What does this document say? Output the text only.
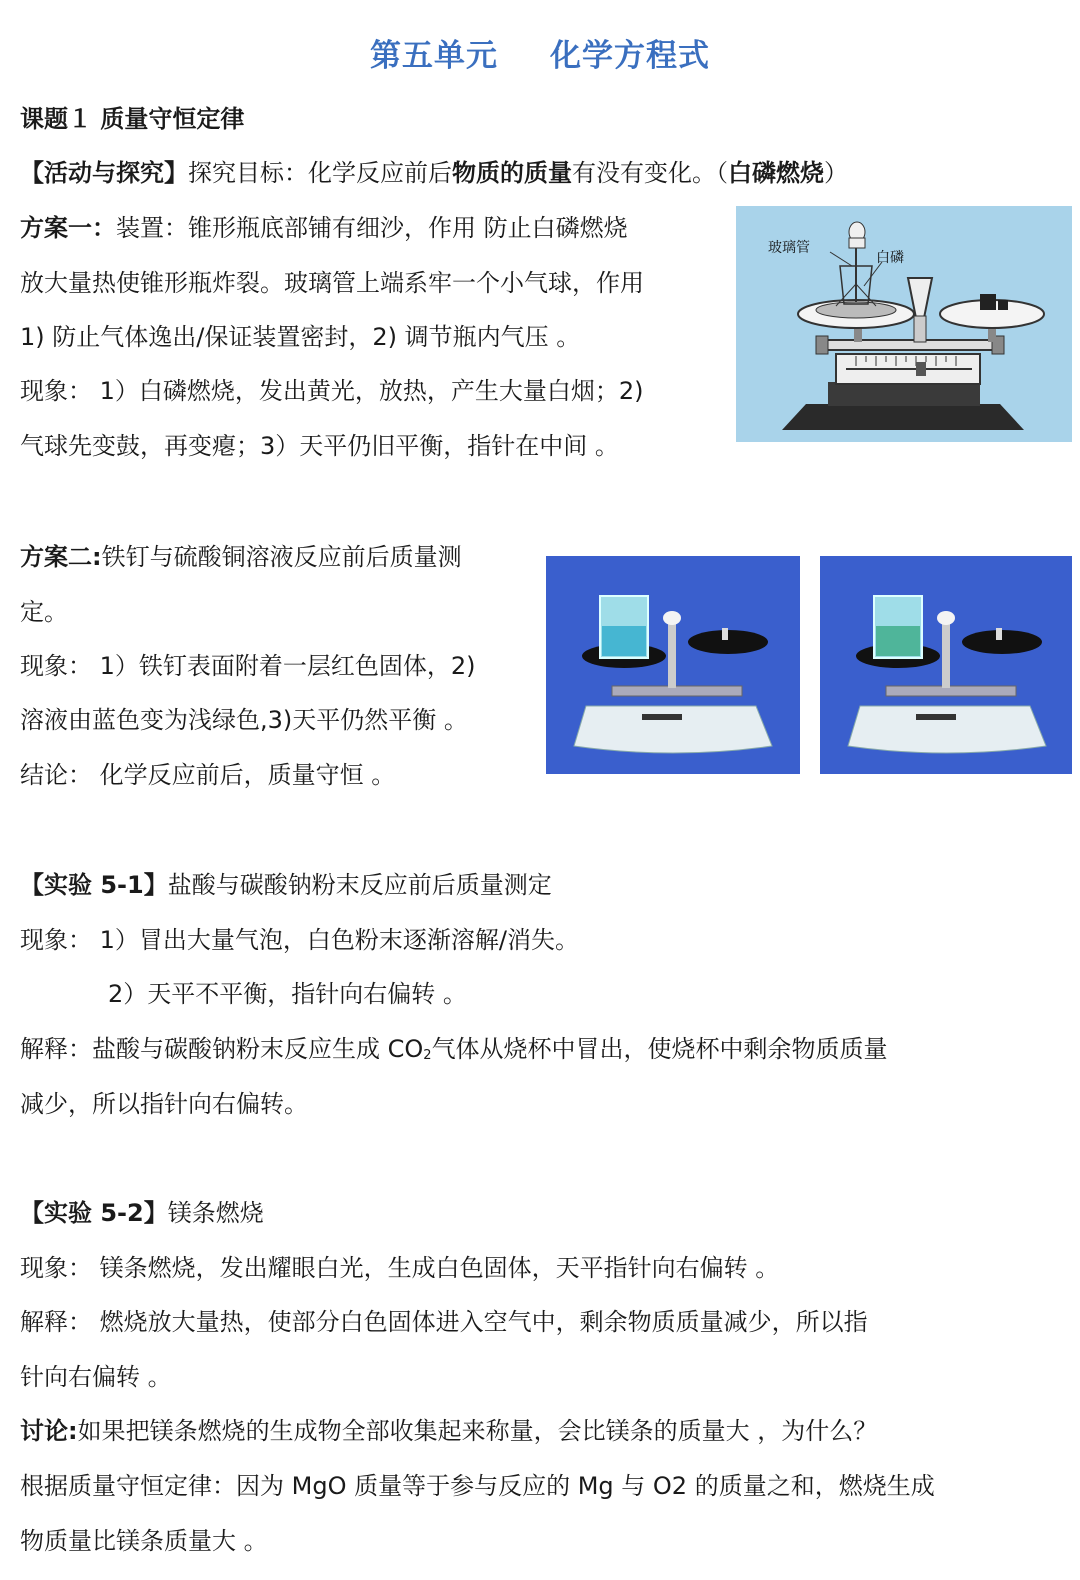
第五单元 化学方程式
课题１ 质量守恒定律
【活动与探究】探究目标：化学反应前后物质的质量有没有变化。（白磷燃烧）
方案一：装置：锥形瓶底部铺有细沙，作用 防止白磷燃烧
放大量热使锥形瓶炸裂。玻璃管上端系牢一个小气球，作用
1) 防止气体逸出/保证装置密封，2) 调节瓶内气压 。
现象： 1）白磷燃烧，发出黄光，放热，产生大量白烟；2)
气球先变鼓，再变瘪；3）天平仍旧平衡，指针在中间 。
玻璃管
白磷
方案二:铁钉与硫酸铜溶液反应前后质量测
定。
现象： 1）铁钉表面附着一层红色固体，2)
溶液由蓝色变为浅绿色,3)天平仍然平衡 。
结论： 化学反应前后，质量守恒 。
【实验 5-1】盐酸与碳酸钠粉末反应前后质量测定
现象： 1）冒出大量气泡，白色粉末逐渐溶解/消失。
2）天平不平衡，指针向右偏转 。
解释：盐酸与碳酸钠粉末反应生成 $CO_2$气体从烧杯中冒出，使烧杯中剩余物质质量
减少，所以指针向右偏转。
【实验 5-2】镁条燃烧
现象： 镁条燃烧，发出耀眼白光，生成白色固体，天平指针向右偏转 。
解释： 燃烧放大量热，使部分白色固体进入空气中，剩余物质质量减少，所以指
针向右偏转 。
讨论:如果把镁条燃烧的生成物全部收集起来称量，会比镁条的质量大 ，为什么？
根据质量守恒定律：因为 MgO 质量等于参与反应的 Mg 与 O2 的质量之和，燃烧生成
物质量比镁条质量大 。
